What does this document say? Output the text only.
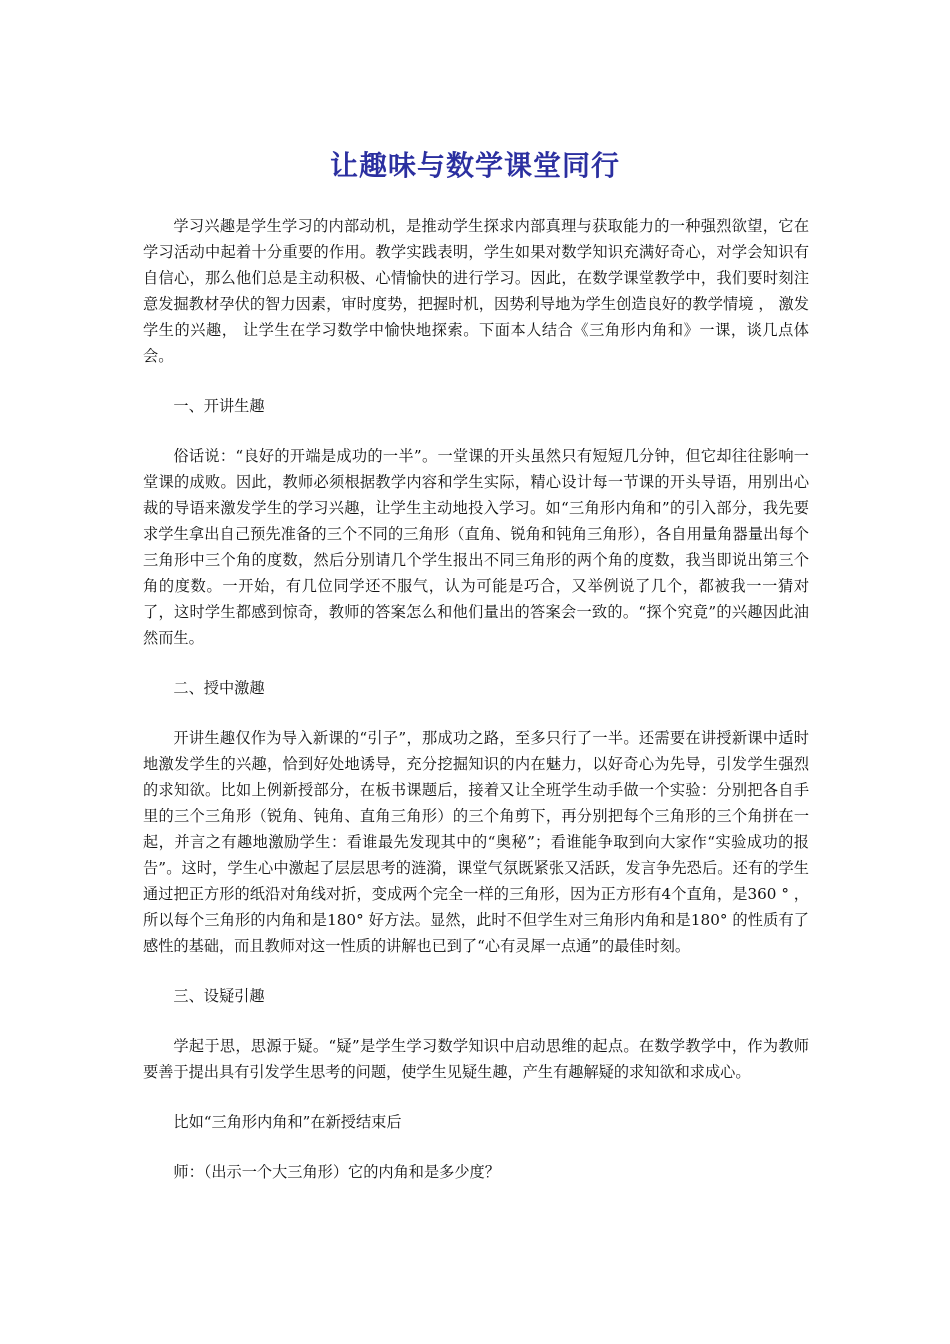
让趣味与数学课堂同行

学习兴趣是学生学习的内部动机，是推动学生探求内部真理与获取能力的一种强烈欲望，它在学习活动中起着十分重要的作用。教学实践表明，学生如果对数学知识充满好奇心，对学会知识有自信心，那么他们总是主动积极、心情愉快的进行学习。因此，在数学课堂教学中，我们要时刻注意发掘教材孕伏的智力因素，审时度势，把握时机，因势利导地为学生创造良好的教学情境 ， 激发学生的兴趣， 让学生在学习数学中愉快地探索。下面本人结合《三角形内角和》一课，谈几点体会。

一、开讲生趣

俗话说：“良好的开端是成功的一半”。一堂课的开头虽然只有短短几分钟，但它却往往影响一堂课的成败。因此，教师必须根据教学内容和学生实际，精心设计每一节课的开头导语，用别出心裁的导语来激发学生的学习兴趣，让学生主动地投入学习。如“三角形内角和”的引入部分，我先要求学生拿出自己预先准备的三个不同的三角形（直角、锐角和钝角三角形），各自用量角器量出每个三角形中三个角的度数，然后分别请几个学生报出不同三角形的两个角的度数，我当即说出第三个角的度数。一开始，有几位同学还不服气，认为可能是巧合，又举例说了几个，都被我一一猜对了，这时学生都感到惊奇，教师的答案怎么和他们量出的答案会一致的。“探个究竟”的兴趣因此油然而生。

二、授中激趣

开讲生趣仅作为导入新课的“引子”，那成功之路，至多只行了一半。还需要在讲授新课中适时地激发学生的兴趣，恰到好处地诱导，充分挖掘知识的内在魅力，以好奇心为先导，引发学生强烈的求知欲。比如上例新授部分，在板书课题后，接着又让全班学生动手做一个实验：分别把各自手里的三个三角形（锐角、钝角、直角三角形）的三个角剪下，再分别把每个三角形的三个角拼在一起，并言之有趣地激励学生：看谁最先发现其中的“奥秘”；看谁能争取到向大家作“实验成功的报告”。这时，学生心中激起了层层思考的涟漪，课堂气氛既紧张又活跃，发言争先恐后。还有的学生通过把正方形的纸沿对角线对折，变成两个完全一样的三角形，因为正方形有4个直角，是360 ° ，所以每个三角形的内角和是180° 好方法。显然，此时不但学生对三角形内角和是180° 的性质有了感性的基础，而且教师对这一性质的讲解也已到了“心有灵犀一点通”的最佳时刻。

三、设疑引趣

学起于思，思源于疑。“疑”是学生学习数学知识中启动思维的起点。在数学教学中，作为教师要善于提出具有引发学生思考的问题，使学生见疑生趣，产生有趣解疑的求知欲和求成心。

比如“三角形内角和”在新授结束后

师：（出示一个大三角形）它的内角和是多少度？
